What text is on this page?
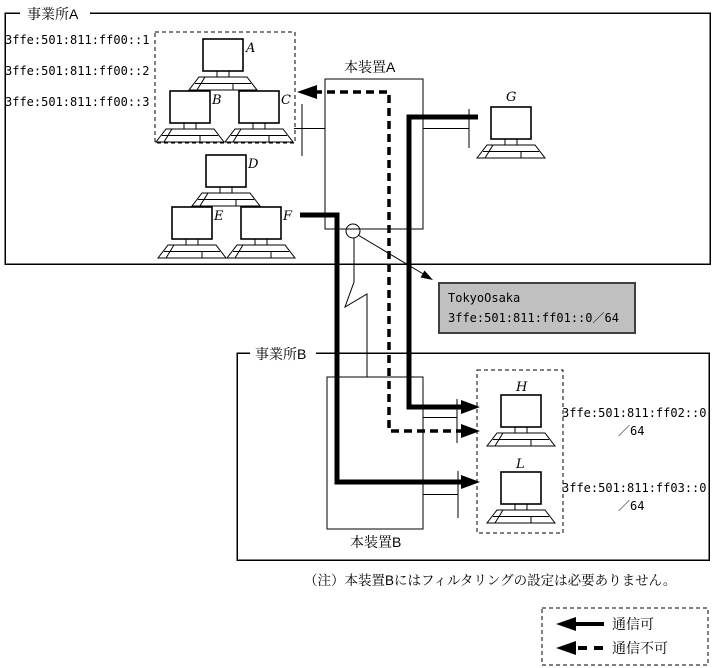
TokyoOsaka
3ffe:501:811:ff01::0／64
事業所A
事業所B
本装置A
本装置B
3ffe:501:811:ff00::1
3ffe:501:811:ff00::2
3ffe:501:811:ff00::3
A
B	C
D
E	F
G
H
L
3ffe:501:811:ff02::0
／64
3ffe:501:811:ff03::0
／64
（注）本装置Bにはフィルタリングの設定は必要ありません。
通信可
通信不可
